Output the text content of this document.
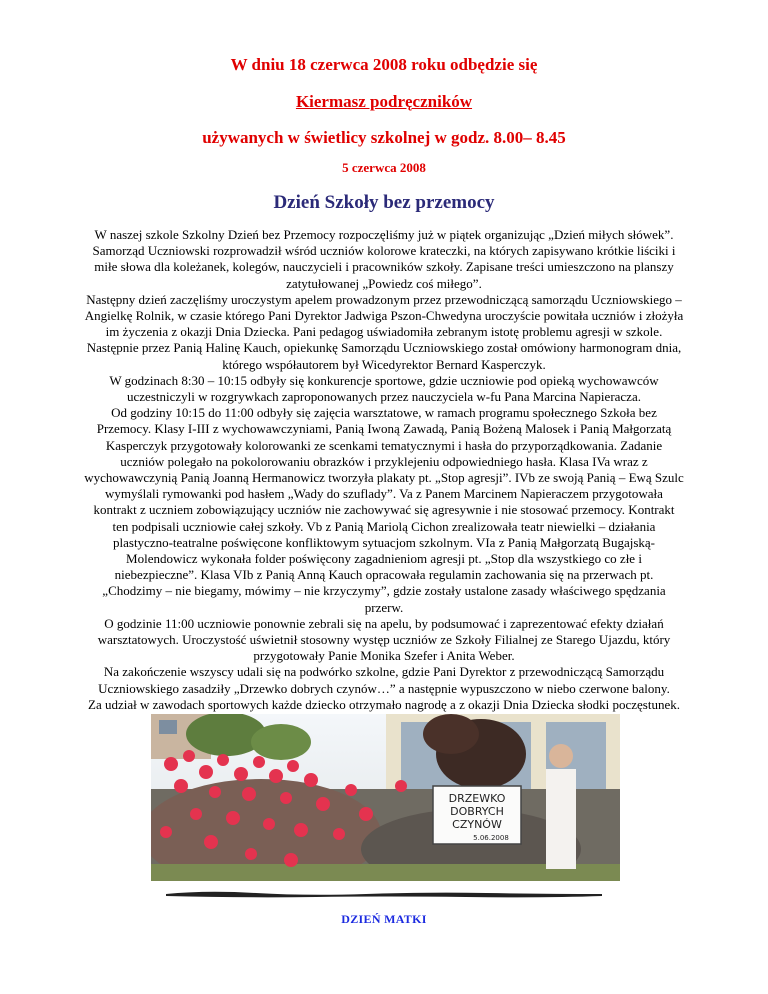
W dniu 18 czerwca 2008 roku odbędzie się
Kiermasz podręczników
używanych w świetlicy szkolnej w godz. 8.00– 8.45
5 czerwca 2008
Dzień Szkoły bez przemocy

W naszej szkole Szkolny Dzień bez Przemocy rozpoczęliśmy już w piątek organizując „Dzień miłych słówek”. Samorząd Uczniowski rozprowadził wśród uczniów kolorowe krateczki, na których zapisywano krótkie liściki i miłe słowa dla koleżanek, kolegów, nauczycieli i pracowników szkoły. Zapisane treści umieszczono na planszy zatytułowanej „Powiedz coś miłego”.

Następny dzień zaczęliśmy uroczystym apelem prowadzonym przez przewodniczącą samorządu Uczniowskiego – Angielkę Rolnik, w czasie którego Pani Dyrektor Jadwiga Pszon-Chwedyna uroczyście powitała uczniów i złożyła im życzenia z okazji Dnia Dziecka. Pani pedagog uświadomiła zebranym istotę problemu agresji w szkole. Następnie przez Panią Halinę Kauch, opiekunkę Samorządu Uczniowskiego został omówiony harmonogram dnia, którego współautorem był Wicedyrektor Bernard Kasperczyk.

W godzinach 8:30 – 10:15 odbyły się konkurencje sportowe, gdzie uczniowie pod opieką wychowawców uczestniczyli w rozgrywkach zaproponowanych przez nauczyciela w-fu Pana Marcina Napieracza.

Od godziny 10:15 do 11:00 odbyły się zajęcia warsztatowe, w ramach programu społecznego Szkoła bez Przemocy. Klasy I-III z wychowawczyniami, Panią Iwoną Zawadą, Panią Bożeną Malosek i Panią Małgorzatą Kasperczyk przygotowały kolorowanki ze scenkami tematycznymi i hasła do przyporządkowania. Zadanie uczniów polegało na pokolorowaniu obrazków i przyklejeniu odpowiedniego hasła. Klasa IVa wraz z wychowawczynią Panią Joanną Hermanowicz tworzyła plakaty pt. „Stop agresji”. IVb ze swoją Panią – Ewą Szulc wymyślali rymowanki pod hasłem „Wady do szuflady”. Va z Panem Marcinem Napieraczem przygotowała kontrakt z uczniem zobowiązujący uczniów nie zachowywać się agresywnie i nie stosować przemocy. Kontrakt ten podpisali uczniowie całej szkoły. Vb z Panią Mariolą Cichon zrealizowała teatr niewielki – działania plastyczno-teatralne poświęcone konfliktowym sytuacjom szkolnym. VIa z Panią Małgorzatą Bugajską-Molendowicz wykonała folder poświęcony zagadnieniom agresji pt. „Stop dla wszystkiego co złe i niebezpieczne”. Klasa VIb z Panią Anną Kauch opracowała regulamin zachowania się na przerwach pt. „Chodzimy – nie biegamy, mówimy – nie krzyczymy”, gdzie zostały ustalone zasady właściwego spędzania przerw.

O godzinie 11:00 uczniowie ponownie zebrali się na apelu, by podsumować i zaprezentować efekty działań warsztatowych. Uroczystość uświetnił stosowny występ uczniów ze Szkoły Filialnej ze Starego Ujazdu, który przygotowały Panie Monika Szefer i Anita Weber.

Na zakończenie wszyscy udali się na podwórko szkolne, gdzie Pani Dyrektor z przewodniczącą Samorządu Uczniowskiego zasadziły „Drzewko dobrych czynów…” a następnie wypuszczono w niebo czerwone balony.

Za udział w zawodach sportowych każde dziecko otrzymało nagrodę a z okazji Dnia Dziecka słodki poczęstunek.

DRZEWKO
DOBRYCH
CZYNÓW
5.06.2008
DZIEŃ MATKI
